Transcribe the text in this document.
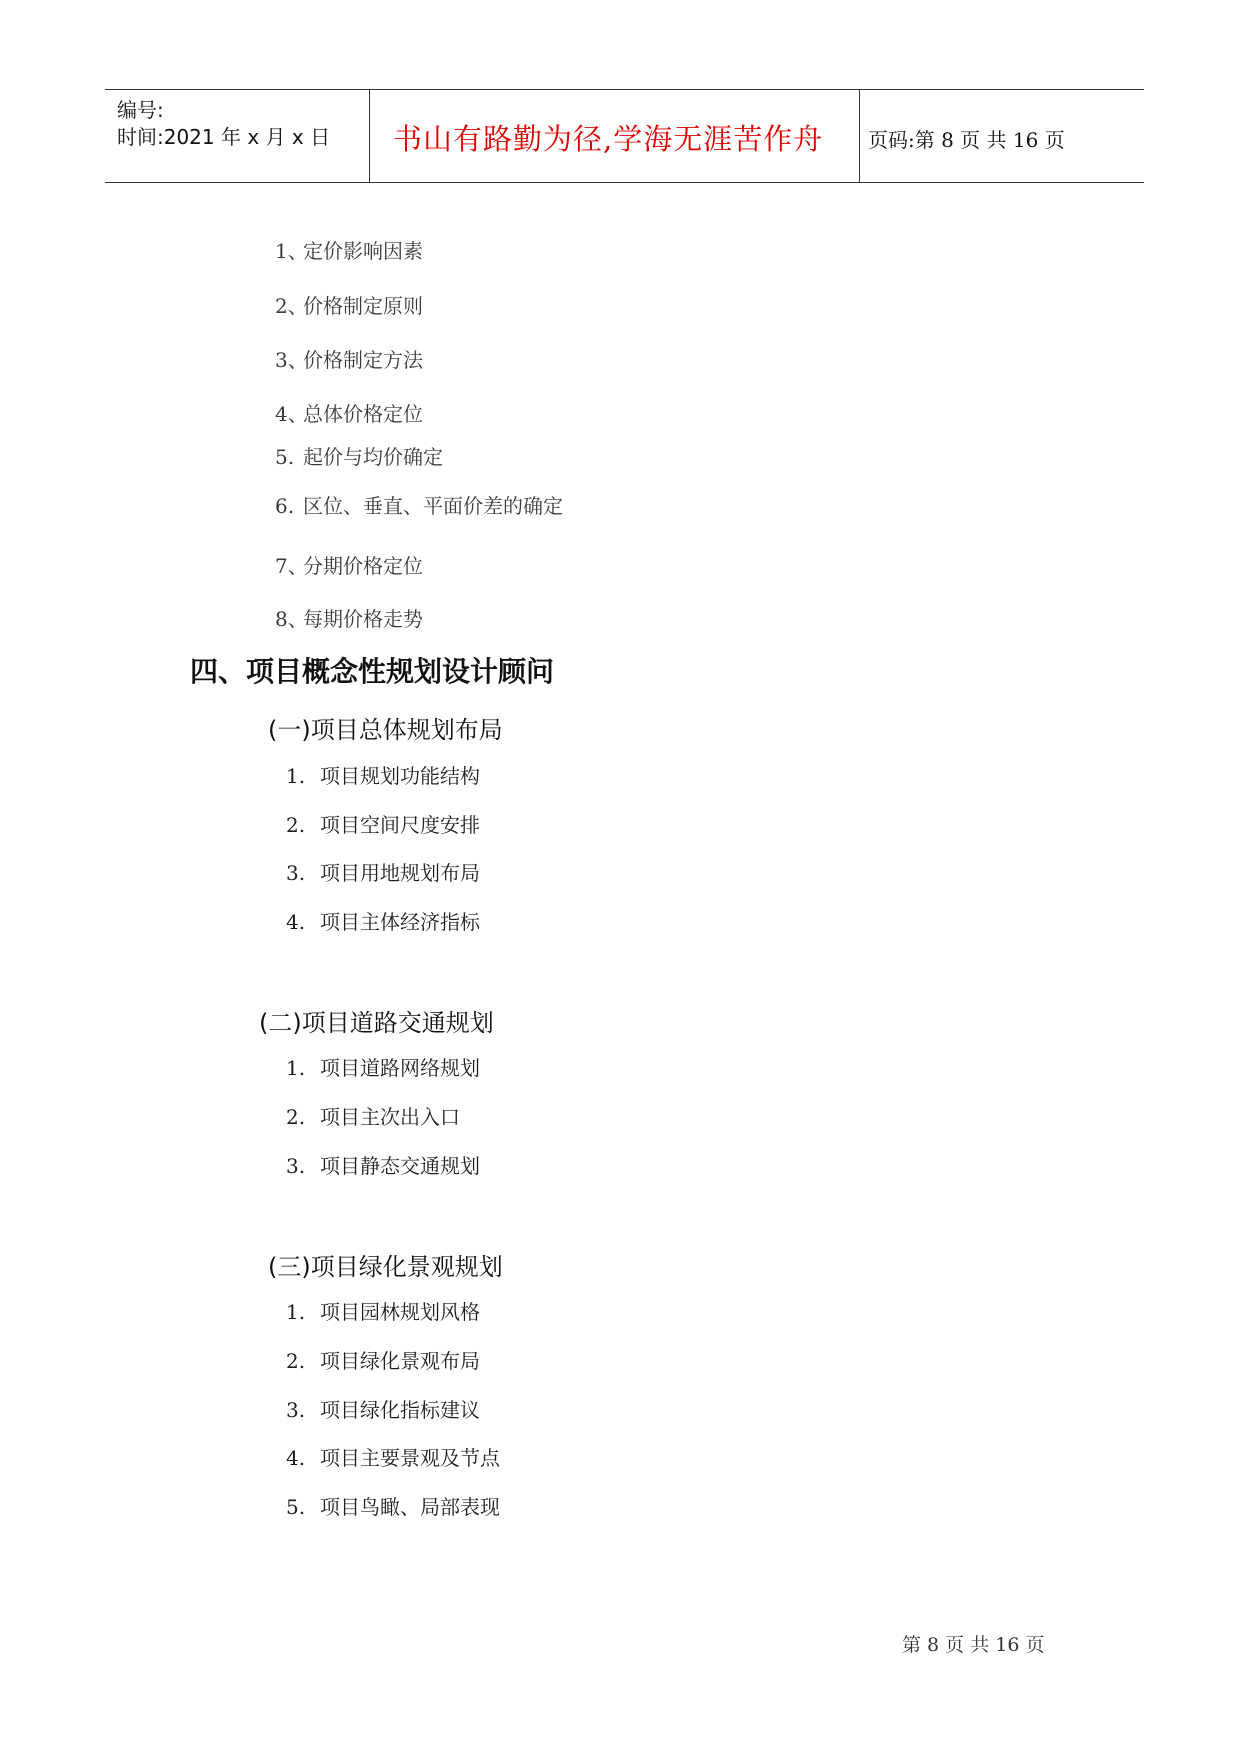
编号:
时间:2021 年 x 月 x 日 书山有路勤为径,学海无涯苦作舟 页码:第 8 页 共 16 页
1、定价影响因素
2、价格制定原则
3、价格制定方法
4、总体价格定位
5. 起价与均价确定
6. 区位、垂直、平面价差的确定
7、分期价格定位
8、每期价格走势
四、项目概念性规划设计顾问
(一)项目总体规划布局
1. 项目规划功能结构
2. 项目空间尺度安排
3. 项目用地规划布局
4. 项目主体经济指标
(二)项目道路交通规划
1. 项目道路网络规划
2. 项目主次出入口
3. 项目静态交通规划
(三)项目绿化景观规划
1. 项目园林规划风格
2. 项目绿化景观布局
3. 项目绿化指标建议
4. 项目主要景观及节点
5. 项目鸟瞰、局部表现
第 8 页 共 16 页
